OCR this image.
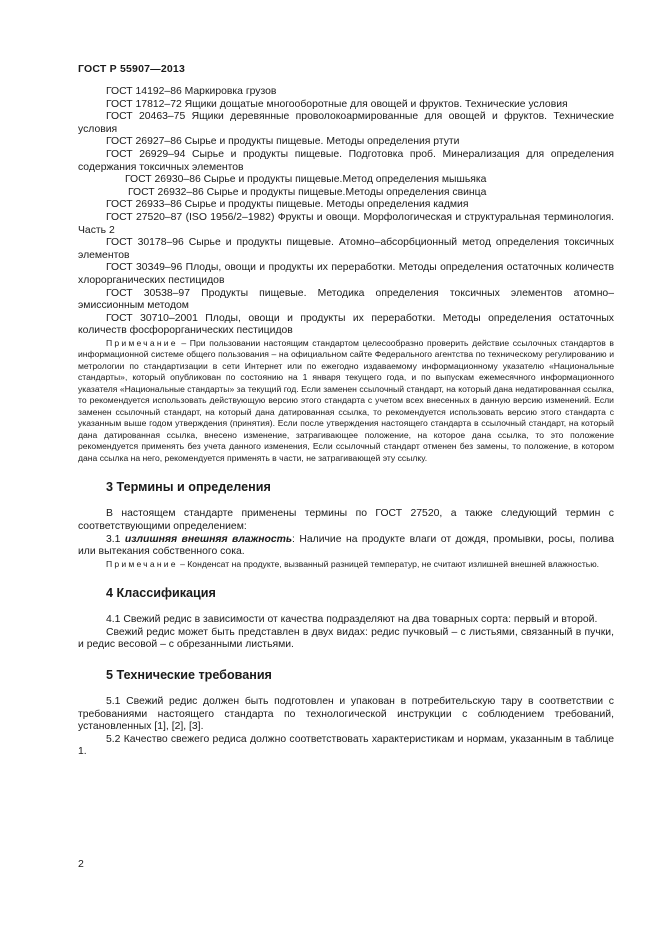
ГОСТ Р 55907—2013

ГОСТ 14192–86 Маркировка грузов

ГОСТ 17812–72 Ящики дощатые многооборотные для овощей и фруктов. Технические условия

ГОСТ 20463–75 Ящики деревянные проволокоармированные для овощей и фруктов. Технические условия

ГОСТ 26927–86 Сырье и продукты пищевые. Методы определения ртути

ГОСТ 26929–94 Сырье и продукты пищевые. Подготовка проб. Минерализация для определения содержания токсичных элементов

ГОСТ 26930–86 Сырье и продукты пищевые.Метод определения мышьяка

ГОСТ 26932–86 Сырье и продукты пищевые.Методы определения свинца

ГОСТ 26933–86 Сырье и продукты пищевые. Методы определения кадмия

ГОСТ 27520–87 (ISO 1956/2–1982) Фрукты и овощи. Морфологическая и структуральная терминология. Часть 2

ГОСТ 30178–96 Сырье и продукты пищевые. Атомно–абсорбционный метод определения токсичных элементов

ГОСТ 30349–96 Плоды, овощи и продукты их переработки. Методы определения остаточных количеств хлорорганических пестицидов

ГОСТ 30538–97 Продукты пищевые. Методика определения токсичных элементов атомно–эмиссионным методом

ГОСТ 30710–2001 Плоды, овощи и продукты их переработки. Методы определения остаточных количеств фосфорорганических пестицидов

Примечание – При пользовании настоящим стандартом целесообразно проверить действие ссылочных стандартов в информационной системе общего пользования – на официальном сайте Федерального агентства по техническому регулированию и метрологии по стандартизации в сети Интернет или по ежегодно издаваемому информационному указателю «Национальные стандарты», который опубликован по состоянию на 1 января текущего года, и по выпускам ежемесячного информационного указателя «Национальные стандарты» за текущий год. Если заменен ссылочный стандарт, на который дана недатированная ссылка, то рекомендуется использовать действующую версию этого стандарта с учетом всех внесенных в данную версию изменений. Если заменен ссылочный стандарт, на который дана датированная ссылка, то рекомендуется использовать версию этого стандарта с указанным выше годом утверждения (принятия). Если после утверждения настоящего стандарта в ссылочный стандарт, на который дана датированная ссылка, внесено изменение, затрагивающее положение, на которое дана ссылка, то это положение рекомендуется применять без учета данного изменения, Если ссылочный стандарт отменен без замены, то положение, в котором дана ссылка на него, рекомендуется применять в части, не затрагивающей эту ссылку.

3 Термины и определения

В настоящем стандарте применены термины по ГОСТ 27520, а также следующий термин с соответствующими определением:

3.1 излишняя внешняя влажность: Наличие на продукте влаги от дождя, промывки, росы, полива или вытекания собственного сока.

Примечание – Конденсат на продукте, вызванный разницей температур, не считают излишней внешней влажностью.

4 Классификация

4.1 Свежий редис в зависимости от качества подразделяют на два товарных сорта: первый и второй.

Свежий редис может быть представлен в двух видах: редис пучковый – с листьями, связанный в пучки, и редис весовой – с обрезанными листьями.

5 Технические требования

5.1 Свежий редис должен быть подготовлен и упакован в потребительскую тару в соответствии с требованиями настоящего стандарта по технологической инструкции с соблюдением требований, установленных [1], [2], [3].

5.2 Качество свежего редиса должно соответствовать характеристикам и нормам, указанным в таблице 1.

2
